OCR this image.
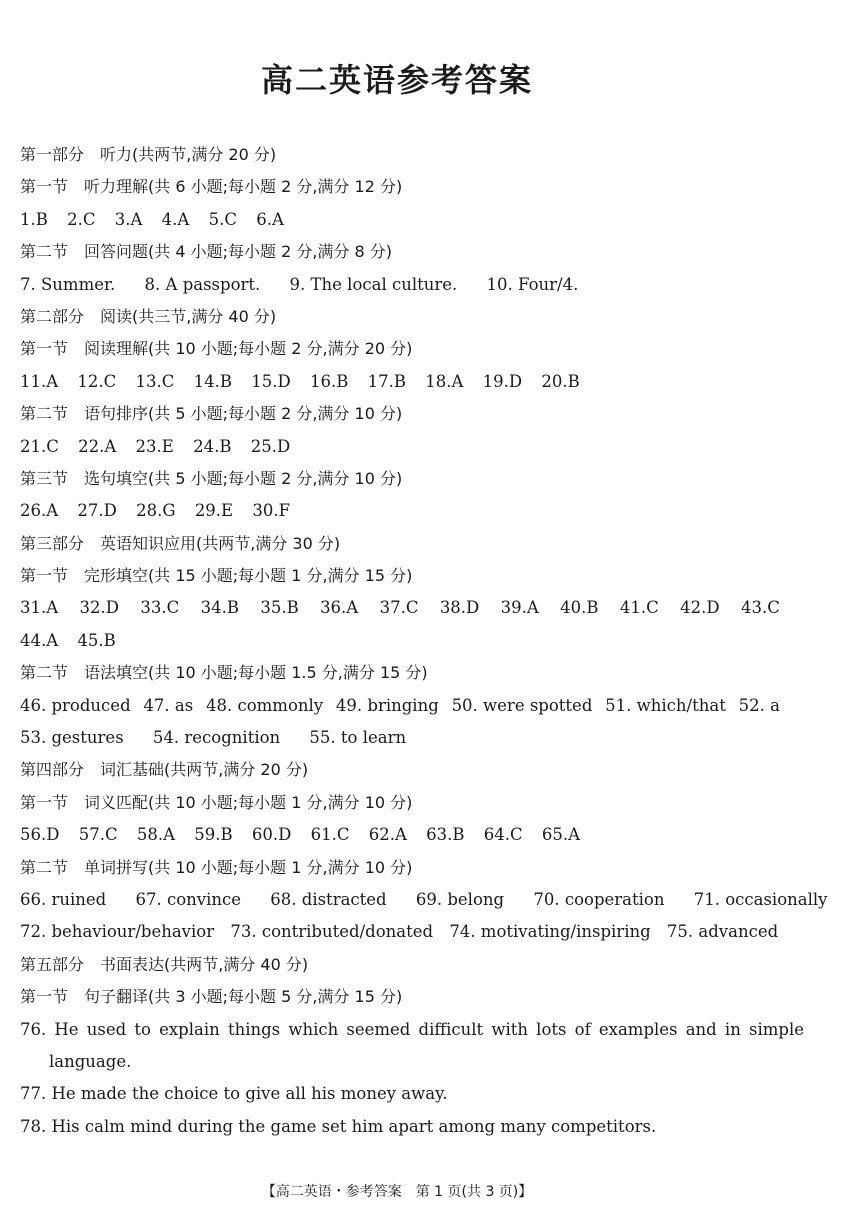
高二英语参考答案
第一部分　听力(共两节,满分 20 分)
第一节　听力理解(共 6 小题;每小题 2 分,满分 12 分)
1.B 2.C 3.A 4.A 5.C 6.A
第二节　回答问题(共 4 小题;每小题 2 分,满分 8 分)
7. Summer. 8. A passport. 9. The local culture. 10. Four/4.
第二部分　阅读(共三节,满分 40 分)
第一节　阅读理解(共 10 小题;每小题 2 分,满分 20 分)
11.A 12.C 13.C 14.B 15.D 16.B 17.B 18.A 19.D 20.B
第二节　语句排序(共 5 小题;每小题 2 分,满分 10 分)
21.C 22.A 23.E 24.B 25.D
第三节　选句填空(共 5 小题;每小题 2 分,满分 10 分)
26.A 27.D 28.G 29.E 30.F
第三部分　英语知识应用(共两节,满分 30 分)
第一节　完形填空(共 15 小题;每小题 1 分,满分 15 分)
31.A 32.D 33.C 34.B 35.B 36.A 37.C 38.D 39.A 40.B 41.C 42.D 43.C
44.A 45.B
第二节　语法填空(共 10 小题;每小题 1.5 分,满分 15 分)
46. produced 47. as 48. commonly 49. bringing 50. were spotted 51. which/that 52. a
53. gestures 54. recognition 55. to learn
第四部分　词汇基础(共两节,满分 20 分)
第一节　词义匹配(共 10 小题;每小题 1 分,满分 10 分)
56.D 57.C 58.A 59.B 60.D 61.C 62.A 63.B 64.C 65.A
第二节　单词拼写(共 10 小题;每小题 1 分,满分 10 分)
66. ruined 67. convince 68. distracted 69. belong 70. cooperation 71. occasionally
72. behaviour/behavior 73. contributed/donated 74. motivating/inspiring 75. advanced
第五部分　书面表达(共两节,满分 40 分)
第一节　句子翻译(共 3 小题;每小题 5 分,满分 15 分)
76. He used to explain things which seemed difficult with lots of examples and in simple language.
77. He made the choice to give all his money away.
78. His calm mind during the game set him apart among many competitors.
【高二英语・参考答案　第 1 页(共 3 页)】
